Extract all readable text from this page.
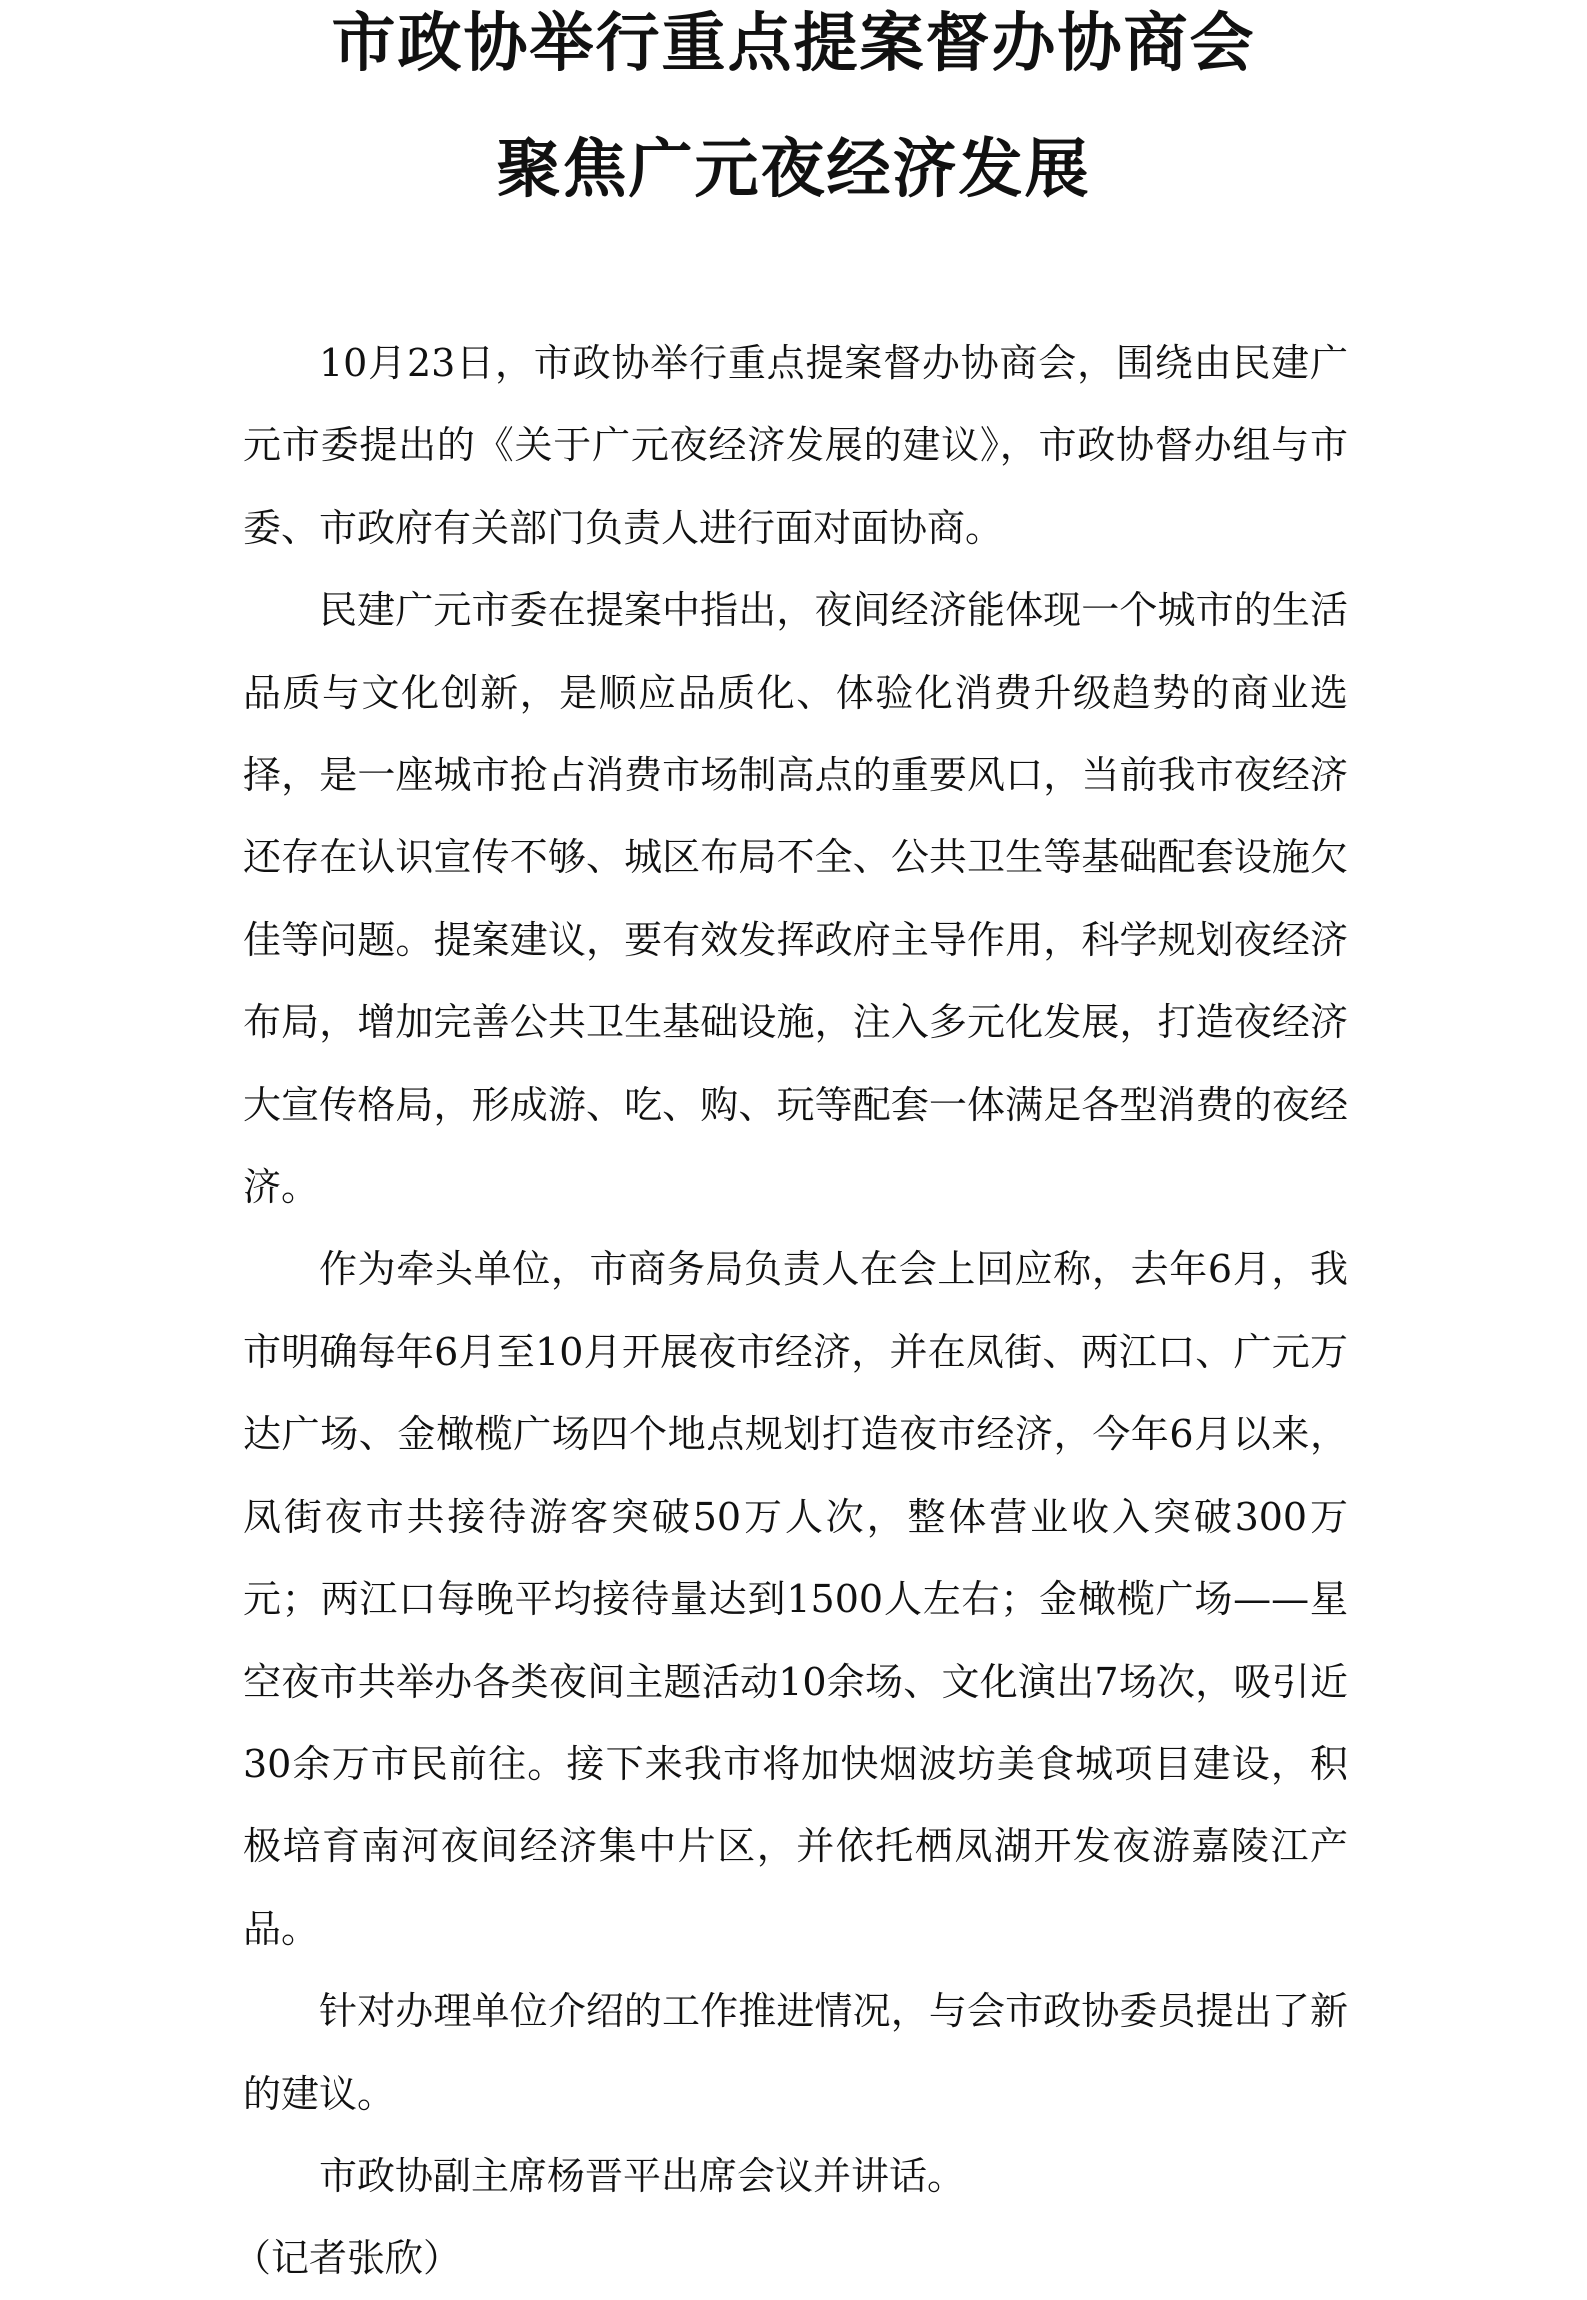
市政协举行重点提案督办协商会
聚焦广元夜经济发展

10月23日，市政协举行重点提案督办协商会，围绕由民建广元市委提出的《关于广元夜经济发展的建议》，市政协督办组与市委、市政府有关部门负责人进行面对面协商。

民建广元市委在提案中指出，夜间经济能体现一个城市的生活品质与文化创新，是顺应品质化、体验化消费升级趋势的商业选择，是一座城市抢占消费市场制高点的重要风口，当前我市夜经济还存在认识宣传不够、城区布局不全、公共卫生等基础配套设施欠佳等问题。提案建议，要有效发挥政府主导作用，科学规划夜经济布局，增加完善公共卫生基础设施，注入多元化发展，打造夜经济大宣传格局，形成游、吃、购、玩等配套一体满足各型消费的夜经济。

作为牵头单位，市商务局负责人在会上回应称，去年6月，我市明确每年6月至10月开展夜市经济，并在凤街、两江口、广元万达广场、金橄榄广场四个地点规划打造夜市经济，今年6月以来，凤街夜市共接待游客突破50万人次，整体营业收入突破300万元；两江口每晚平均接待量达到1500人左右；金橄榄广场——星空夜市共举办各类夜间主题活动10余场、文化演出7场次，吸引近30余万市民前往。接下来我市将加快烟波坊美食城项目建设，积极培育南河夜间经济集中片区，并依托栖凤湖开发夜游嘉陵江产品。

针对办理单位介绍的工作推进情况，与会市政协委员提出了新的建议。

市政协副主席杨晋平出席会议并讲话。

（记者张欣）
